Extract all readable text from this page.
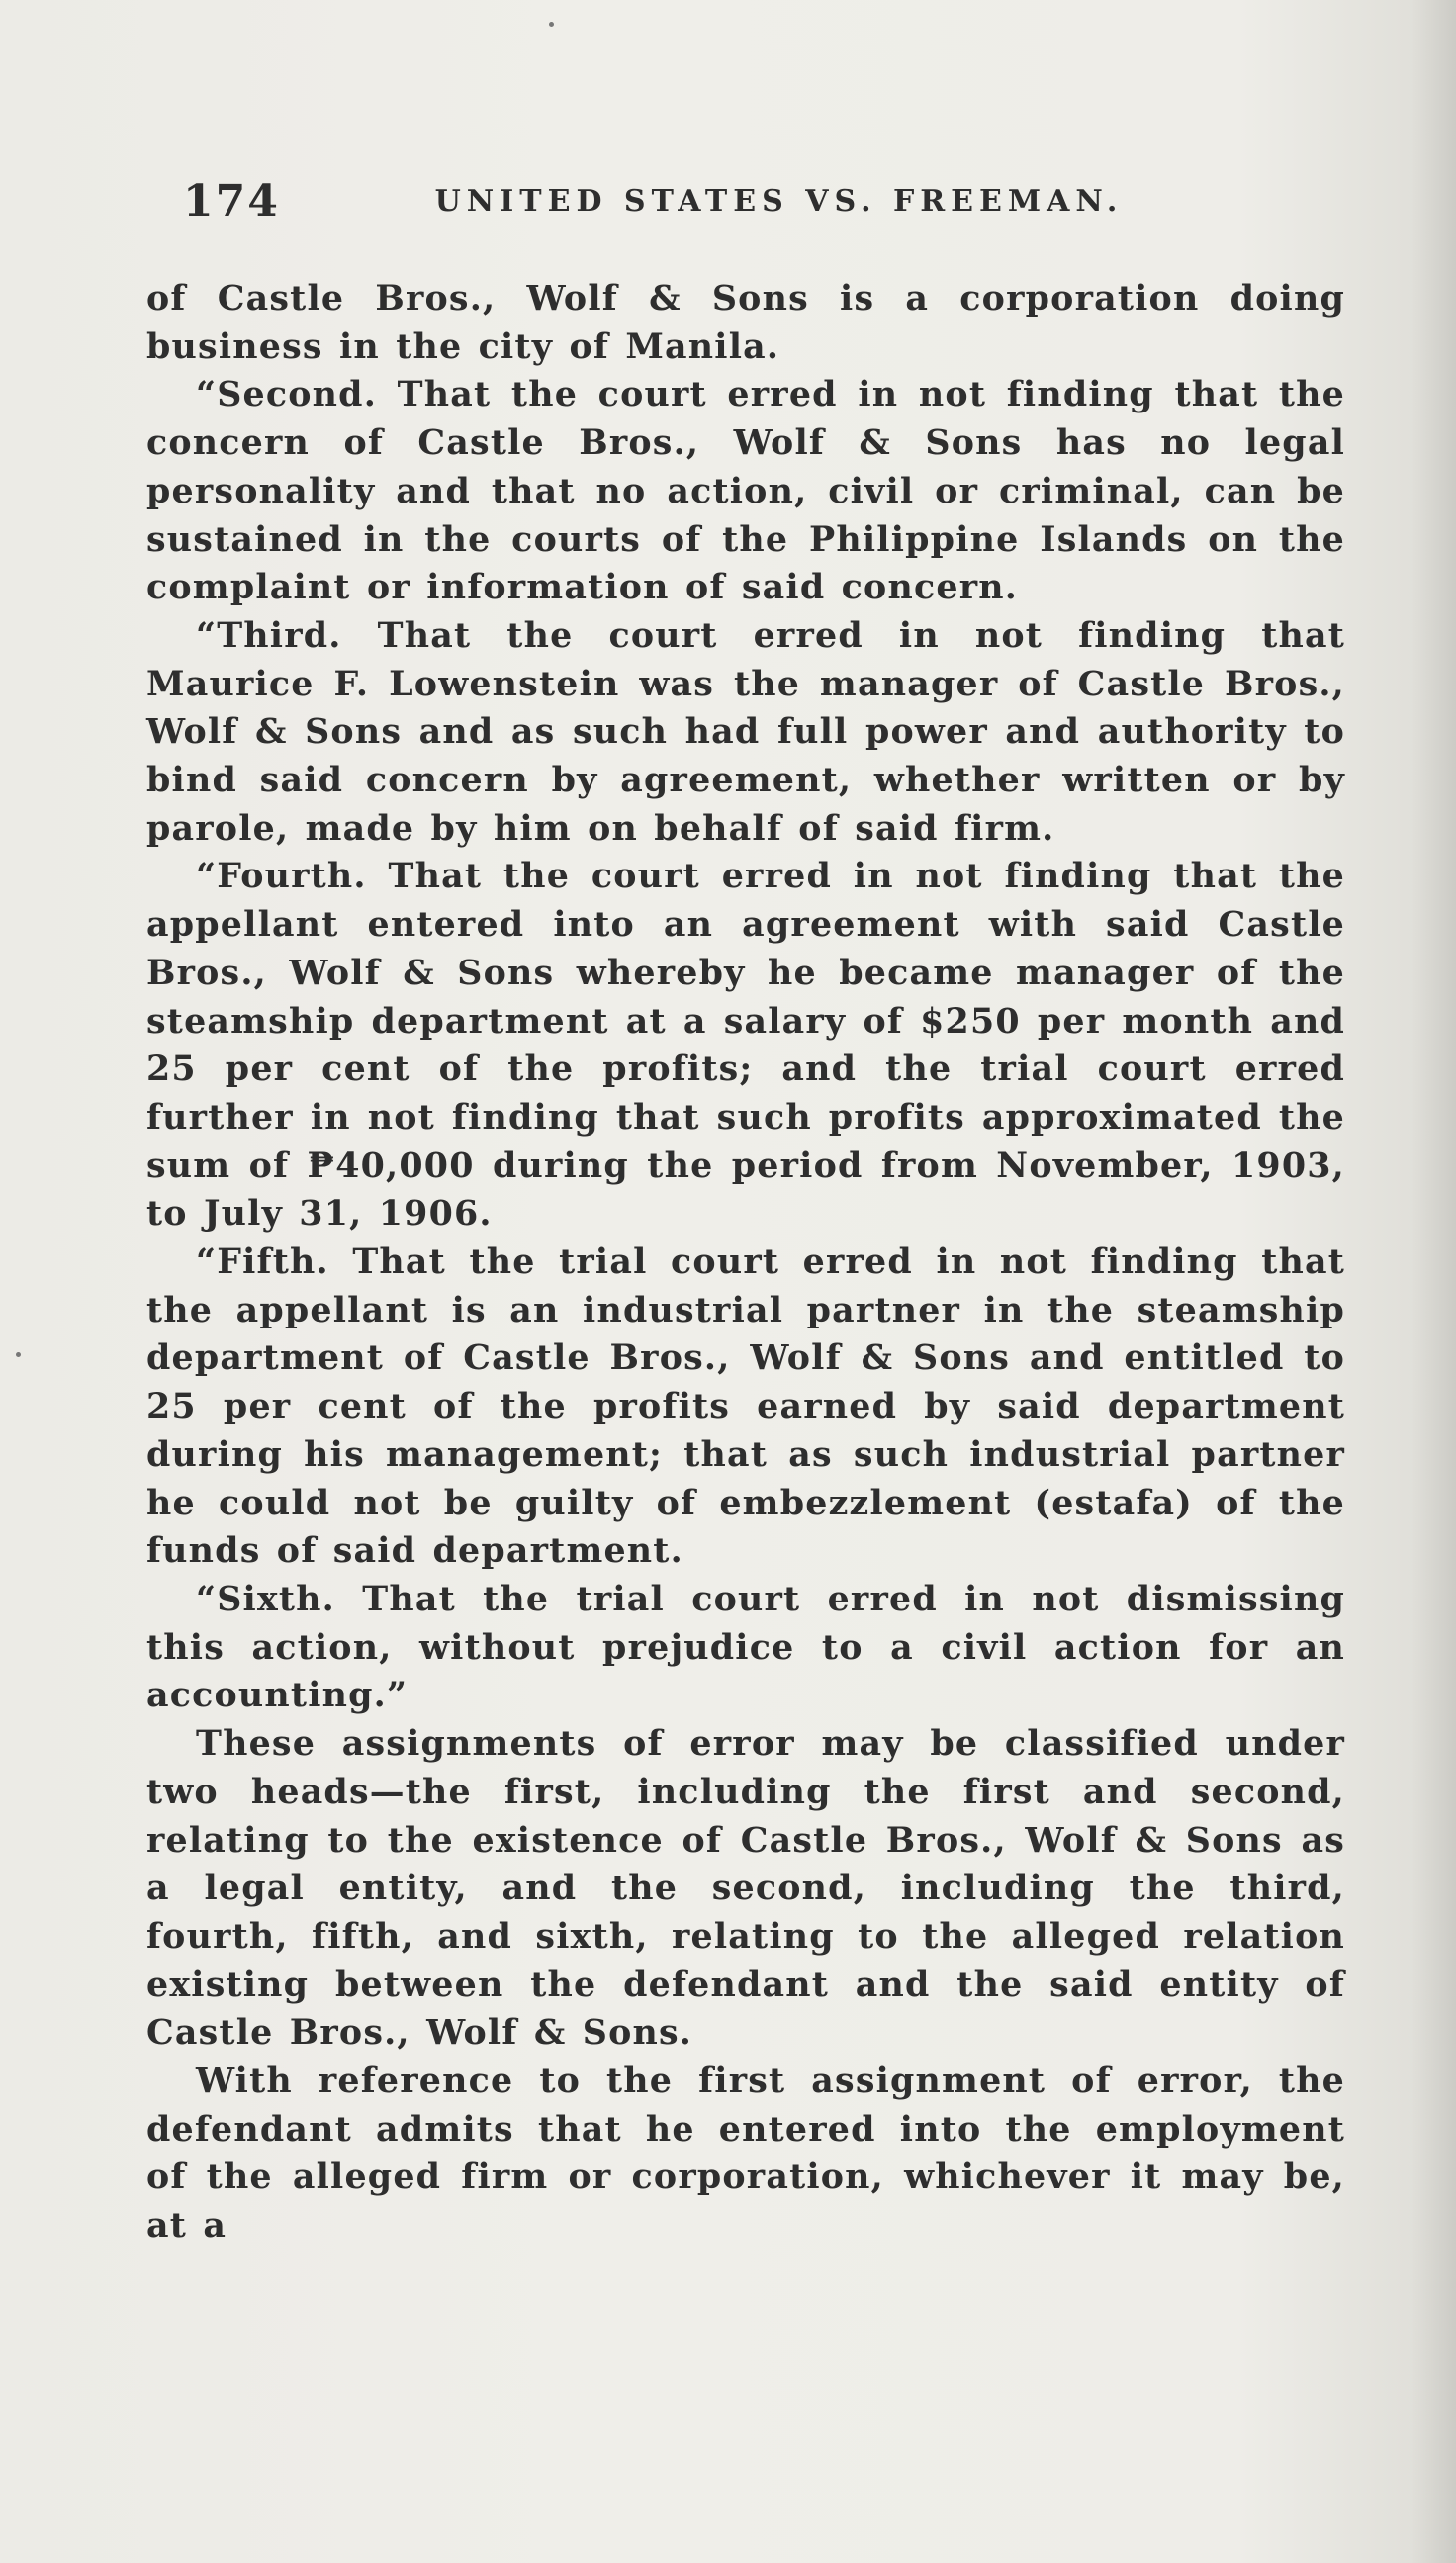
174	UNITED STATES VS. FREEMAN.

of Castle Bros., Wolf & Sons is a corporation doing business in the city of Manila.

“Second. That the court erred in not finding that the concern of Castle Bros., Wolf & Sons has no legal personality and that no action, civil or criminal, can be sustained in the courts of the Philippine Islands on the complaint or information of said concern.

“Third. That the court erred in not finding that Maurice F. Lowenstein was the manager of Castle Bros., Wolf & Sons and as such had full power and authority to bind said concern by agreement, whether written or by parole, made by him on behalf of said firm.

“Fourth. That the court erred in not finding that the appellant entered into an agreement with said Castle Bros., Wolf & Sons whereby he became manager of the steamship department at a salary of $250 per month and 25 per cent of the profits; and the trial court erred further in not finding that such profits approximated the sum of ₱40,000 during the period from November, 1903, to July 31, 1906.

“Fifth. That the trial court erred in not finding that the appellant is an industrial partner in the steamship department of Castle Bros., Wolf & Sons and entitled to 25 per cent of the profits earned by said department during his management; that as such industrial partner he could not be guilty of embezzlement (estafa) of the funds of said department.

“Sixth. That the trial court erred in not dismissing this action, without prejudice to a civil action for an accounting.”

These assignments of error may be classified under two heads—the first, including the first and second, relating to the existence of Castle Bros., Wolf & Sons as a legal entity, and the second, including the third, fourth, fifth, and sixth, relating to the alleged relation existing between the defendant and the said entity of Castle Bros., Wolf & Sons.

With reference to the first assignment of error, the defendant admits that he entered into the employment of the alleged firm or corporation, whichever it may be, at a
